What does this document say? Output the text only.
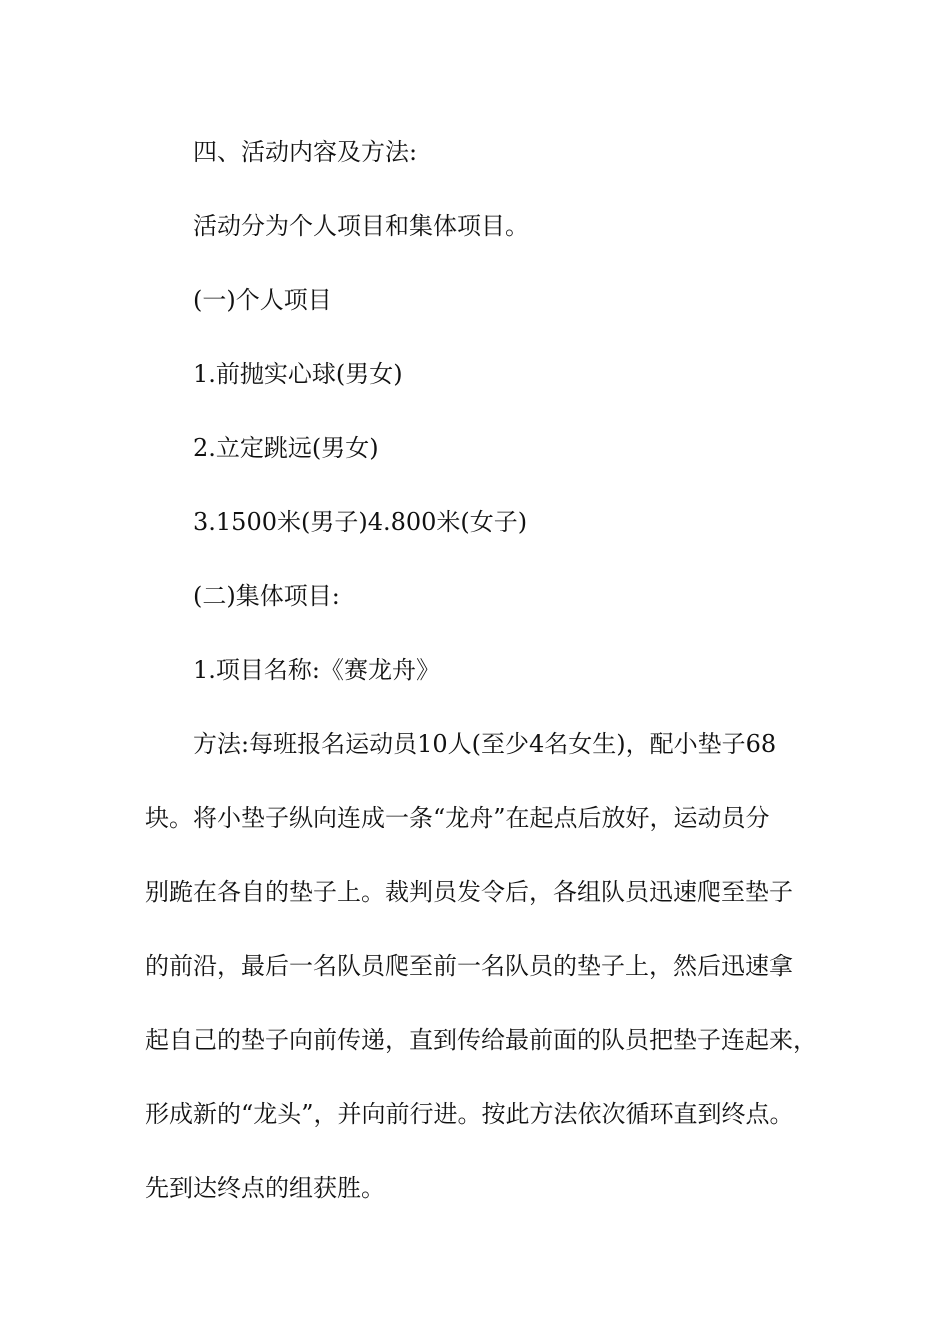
四、活动内容及方法:
活动分为个人项目和集体项目。
(一)个人项目
1.前抛实心球(男女)
2.立定跳远(男女)
3.1500米(男子)4.800米(女子)
(二)集体项目:
1.项目名称:《赛龙舟》
方法:每班报名运动员10人(至少4名女生)，配小垫子68
块。将小垫子纵向连成一条“龙舟”在起点后放好，运动员分
别跪在各自的垫子上。裁判员发令后，各组队员迅速爬至垫子
的前沿，最后一名队员爬至前一名队员的垫子上，然后迅速拿
起自己的垫子向前传递，直到传给最前面的队员把垫子连起来，
形成新的“龙头”，并向前行进。按此方法依次循环直到终点。
先到达终点的组获胜。
